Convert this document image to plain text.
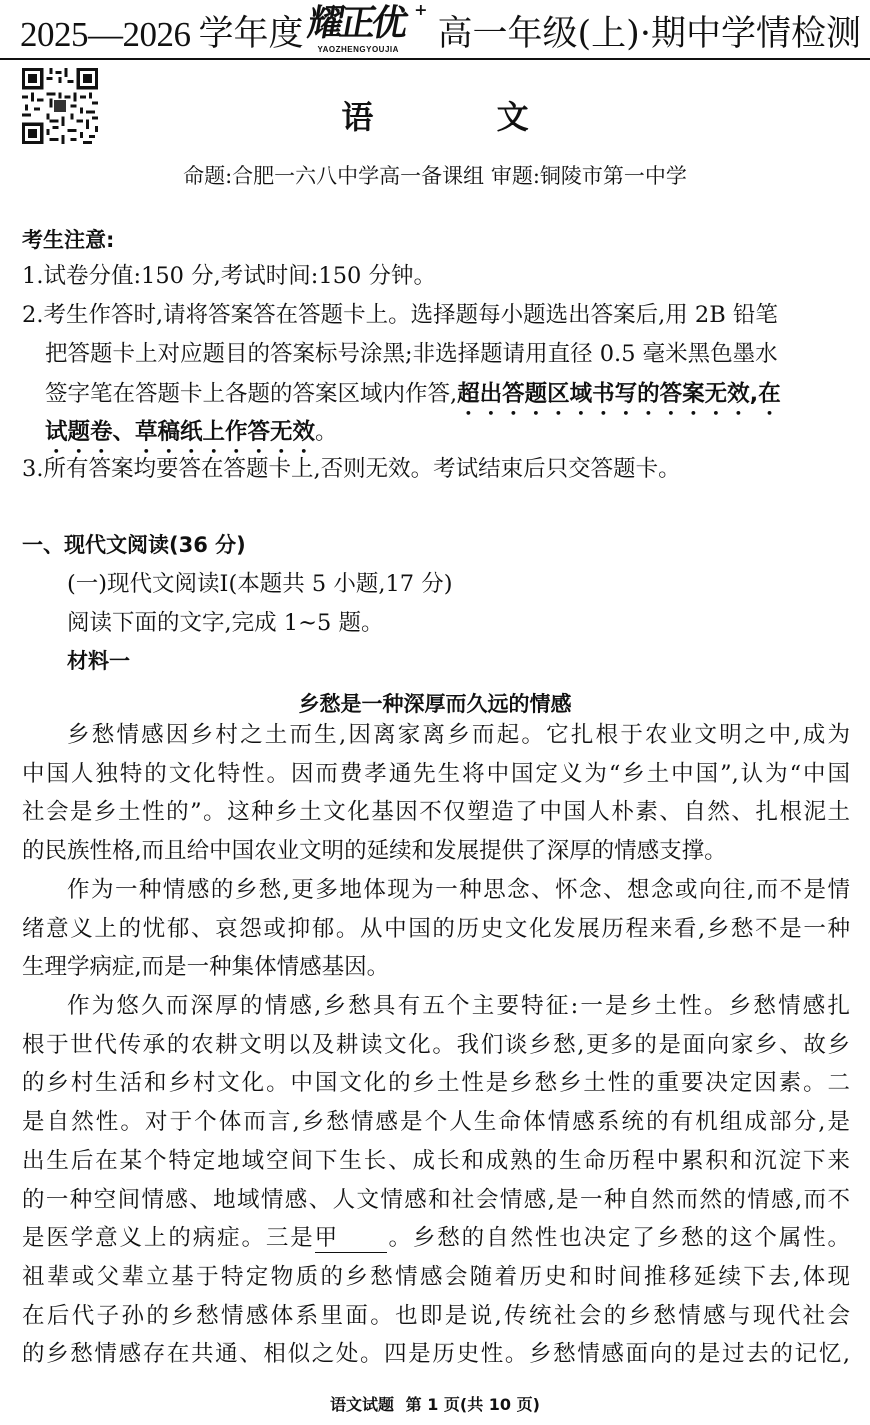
2025—2026 学年度 耀正优
YAOZHENGYOUJIA
+
高一年级(上)·期中学情检测
语 文
命题:合肥一六八中学高一备课组 审题:铜陵市第一中学
考生注意:
1.试卷分值:150 分,考试时间:150 分钟。
2.考生作答时,请将答案答在答题卡上。选择题每小题选出答案后,用 2B 铅笔
把答题卡上对应题目的答案标号涂黑;非选择题请用直径 0.5 毫米黑色墨水
签字笔在答题卡上各题的答案区域内作答,超出答题区域书写的答案无效,在
试题卷、草稿纸上作答无效。
3.所有答案均要答在答题卡上,否则无效。考试结束后只交答题卡。
一、现代文阅读(36 分)
(一)现代文阅读Ⅰ(本题共 5 小题,17 分)
阅读下面的文字,完成 1~5 题。
材料一
乡愁是一种深厚而久远的情感
乡愁情感因乡村之土而生,因离家离乡而起。它扎根于农业文明之中,成为
中国人独特的文化特性。因而费孝通先生将中国定义为“乡土中国”,认为“中国
社会是乡土性的”。这种乡土文化基因不仅塑造了中国人朴素、自然、扎根泥土
的民族性格,而且给中国农业文明的延续和发展提供了深厚的情感支撑。
作为一种情感的乡愁,更多地体现为一种思念、怀念、想念或向往,而不是情
绪意义上的忧郁、哀怨或抑郁。从中国的历史文化发展历程来看,乡愁不是一种
生理学病症,而是一种集体情感基因。
作为悠久而深厚的情感,乡愁具有五个主要特征:一是乡土性。乡愁情感扎
根于世代传承的农耕文明以及耕读文化。我们谈乡愁,更多的是面向家乡、故乡
的乡村生活和乡村文化。中国文化的乡土性是乡愁乡土性的重要决定因素。二
是自然性。对于个体而言,乡愁情感是个人生命体情感系统的有机组成部分,是
出生后在某个特定地域空间下生长、成长和成熟的生命历程中累积和沉淀下来
的一种空间情感、地域情感、人文情感和社会情感,是一种自然而然的情感,而不
是医学意义上的病症。三是甲 。乡愁的自然性也决定了乡愁的这个属性。
祖辈或父辈立基于特定物质的乡愁情感会随着历史和时间推移延续下去,体现
在后代子孙的乡愁情感体系里面。也即是说,传统社会的乡愁情感与现代社会
的乡愁情感存在共通、相似之处。四是历史性。乡愁情感面向的是过去的记忆,
语文试题 第 1 页(共 10 页)
